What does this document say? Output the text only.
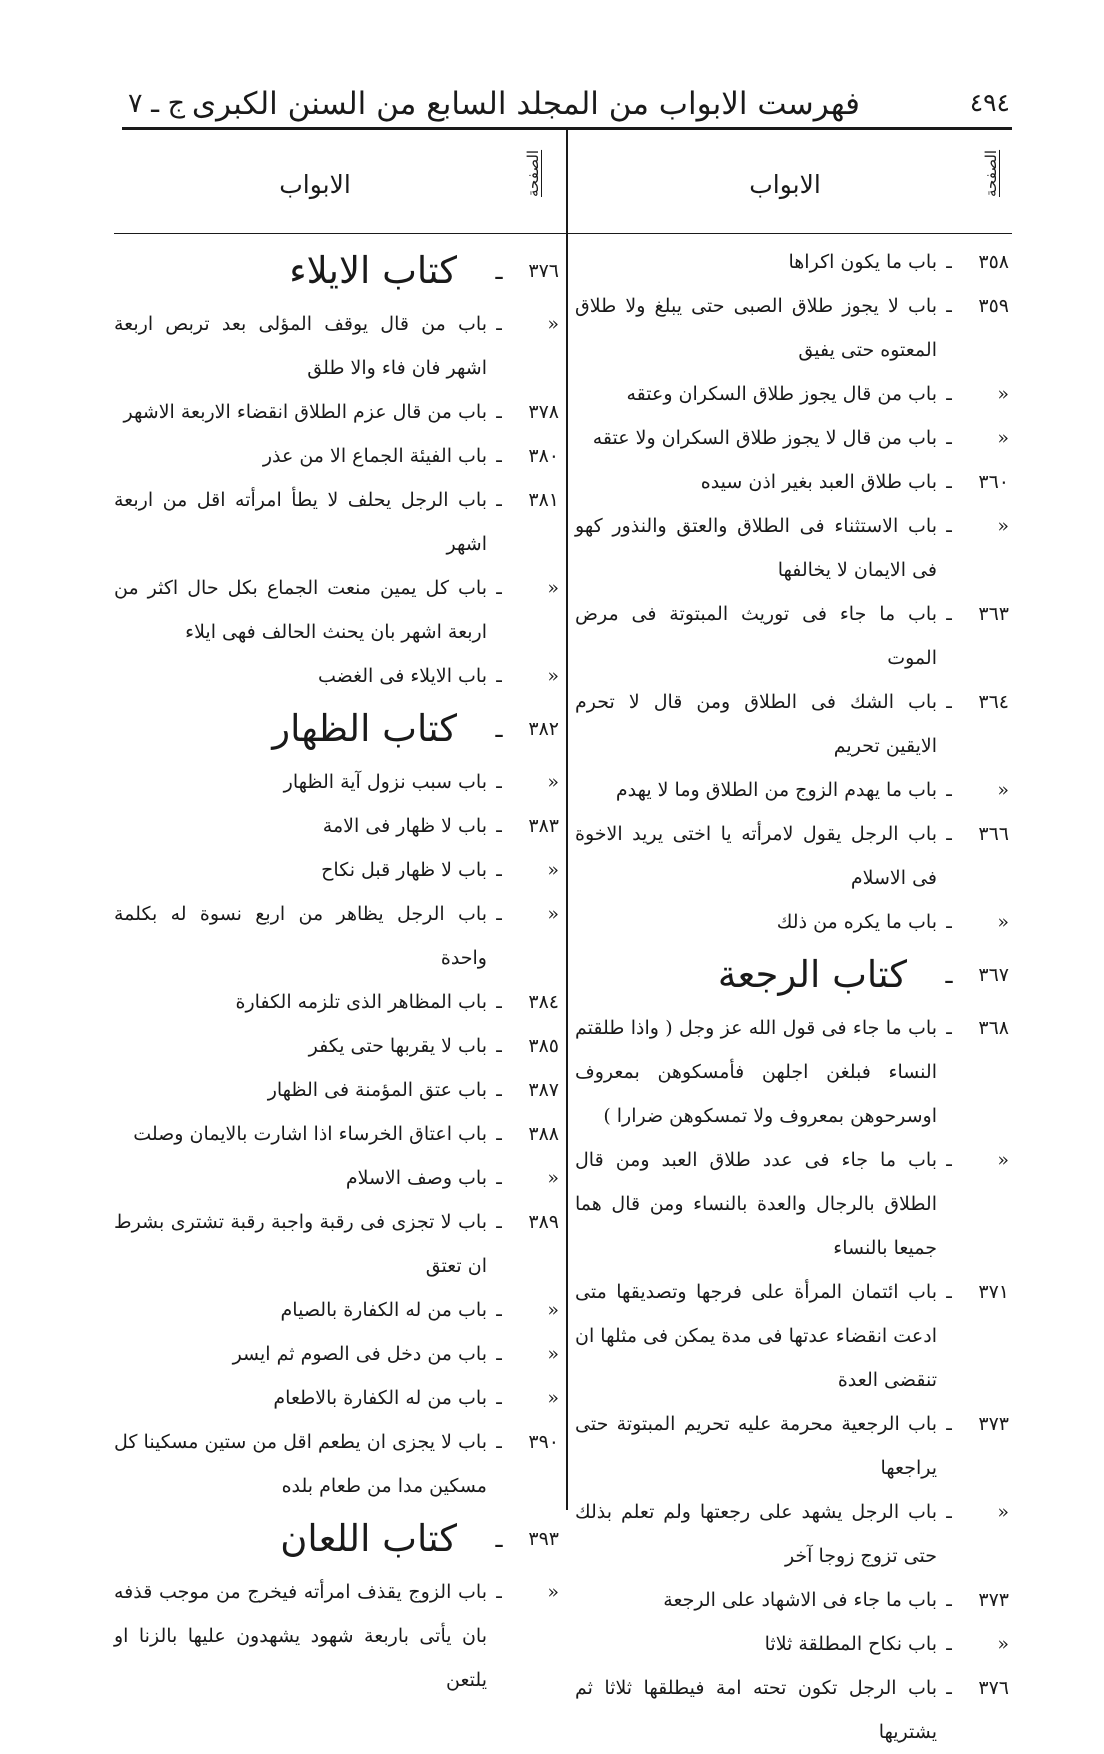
٤٩٤
فهرست الابواب من المجلد السابع من السنن الكبرى
ج ـ ٧
الابواب	الصفحة
الابواب	الصفحة
٣٥٨
ـ
باب ما يكون اكراها
٣٥٩
ـ
باب لا يجوز طلاق الصبى حتى يبلغ ولا طلاق المعتوه حتى يفيق
«
ـ
باب من قال يجوز طلاق السكران وعتقه
«
ـ
باب من قال لا يجوز طلاق السكران ولا عتقه
٣٦٠
ـ
باب طلاق العبد بغير اذن سيده
«
ـ
باب الاستثناء فى الطلاق والعتق والنذور كهو فى الايمان لا يخالفها
٣٦٣
ـ
باب ما جاء فى توريث المبتوتة فى مرض الموت
٣٦٤
ـ
باب الشك فى الطلاق ومن قال لا تحرم الايقين تحريم
«
ـ
باب ما يهدم الزوج من الطلاق وما لا يهدم
٣٦٦
ـ
باب الرجل يقول لامرأته يا اختى يريد الاخوة فى الاسلام
«
ـ
باب ما يكره من ذلك
٣٦٧
ـ
كتاب الرجعة
٣٦٨
ـ
باب ما جاء فى قول الله عز وجل ( واذا طلقتم النساء فبلغن اجلهن فأمسكوهن بمعروف اوسرحوهن بمعروف ولا تمسكوهن ضرارا )
«
ـ
باب ما جاء فى عدد طلاق العبد ومن قال الطلاق بالرجال والعدة بالنساء ومن قال هما جميعا بالنساء
٣٧١
ـ
باب ائتمان المرأة على فرجها وتصديقها متى ادعت انقضاء عدتها فى مدة يمكن فى مثلها ان تنقضى العدة
٣٧٣
ـ
باب الرجعية محرمة عليه تحريم المبتوتة حتى يراجعها
«
ـ
باب الرجل يشهد على رجعتها ولم تعلم بذلك حتى تزوج زوجا آخر
٣٧٣
ـ
باب ما جاء فى الاشهاد على الرجعة
«
ـ
باب نكاح المطلقة ثلاثا
٣٧٦
ـ
باب الرجل تكون تحته امة فيطلقها ثلاثا ثم يشتريها
٣٧٦
ـ
كتاب الايلاء
«
ـ
باب من قال يوقف المؤلى بعد تربص اربعة اشهر فان فاء والا طلق
٣٧٨
ـ
باب من قال عزم الطلاق انقضاء الاربعة الاشهر
٣٨٠
ـ
باب الفيئة الجماع الا من عذر
٣٨١
ـ
باب الرجل يحلف لا يطأ امرأته اقل من اربعة اشهر
«
ـ
باب كل يمين منعت الجماع بكل حال اكثر من اربعة اشهر بان يحنث الحالف فهى ايلاء
«
ـ
باب الايلاء فى الغضب
٣٨٢
ـ
كتاب الظهار
«
ـ
باب سبب نزول آية الظهار
٣٨٣
ـ
باب لا ظهار فى الامة
«
ـ
باب لا ظهار قبل نكاح
«
ـ
باب الرجل يظاهر من اربع نسوة له بكلمة واحدة
٣٨٤
ـ
باب المظاهر الذى تلزمه الكفارة
٣٨٥
ـ
باب لا يقربها حتى يكفر
٣٨٧
ـ
باب عتق المؤمنة فى الظهار
٣٨٨
ـ
باب اعتاق الخرساء اذا اشارت بالايمان وصلت
«
ـ
باب وصف الاسلام
٣٨٩
ـ
باب لا تجزى فى رقبة واجبة رقبة تشترى بشرط ان تعتق
«
ـ
باب من له الكفارة بالصيام
«
ـ
باب من دخل فى الصوم ثم ايسر
«
ـ
باب من له الكفارة بالاطعام
٣٩٠
ـ
باب لا يجزى ان يطعم اقل من ستين مسكينا كل مسكين مدا من طعام بلده
٣٩٣
ـ
كتاب اللعان
«
ـ
باب الزوج يقذف امرأته فيخرج من موجب قذفه بان يأتى باربعة شهود يشهدون عليها بالزنا او يلتعن
